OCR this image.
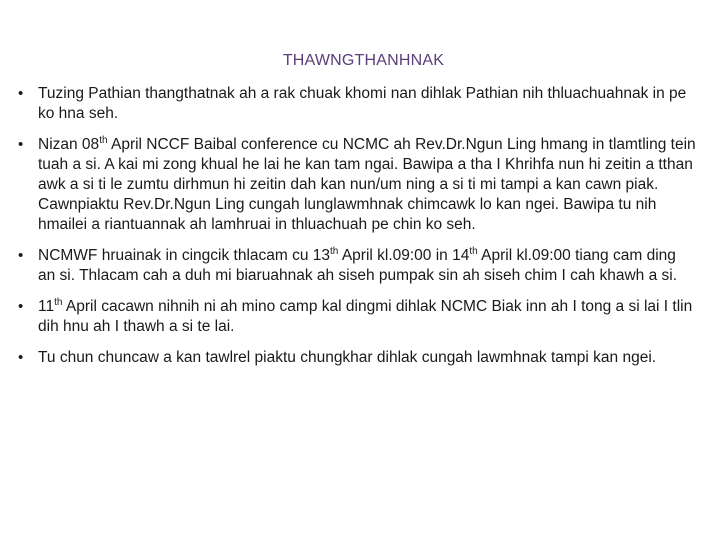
THAWNGTHANHNAK
• Tuzing Pathian thangthatnak ah a rak chuak khomi nan dihlak Pathian nih thluachuahnak in pe ko hna seh.
• Nizan 08th April NCCF Baibal conference cu NCMC ah Rev.Dr.Ngun Ling hmang in tlamtling tein tuah a si. A kai mi zong khual he lai he kan tam ngai. Bawipa a tha I Khrihfa nun hi zeitin a tthan awk a si ti le zumtu dirhmun hi zeitin dah kan nun/um ning a si ti mi tampi a kan cawn piak. Cawnpiaktu Rev.Dr.Ngun Ling cungah lunglawmhnak chimcawk lo kan ngei. Bawipa tu nih hmailei a riantuannak ah lamhruai in thluachuah pe chin ko seh.
• NCMWF hruainak in cingcik thlacam cu 13th April kl.09:00 in 14th April kl.09:00 tiang cam ding an si. Thlacam cah a duh mi biaruahnak ah siseh pumpak sin ah siseh chim I cah khawh a si.
• 11th April cacawn nihnih ni ah mino camp kal dingmi dihlak NCMC Biak inn ah I tong a si lai I tlin dih hnu ah I thawh a si te lai.
• Tu chun chuncaw a kan tawlrel piaktu chungkhar dihlak cungah lawmhnak tampi kan ngei.
